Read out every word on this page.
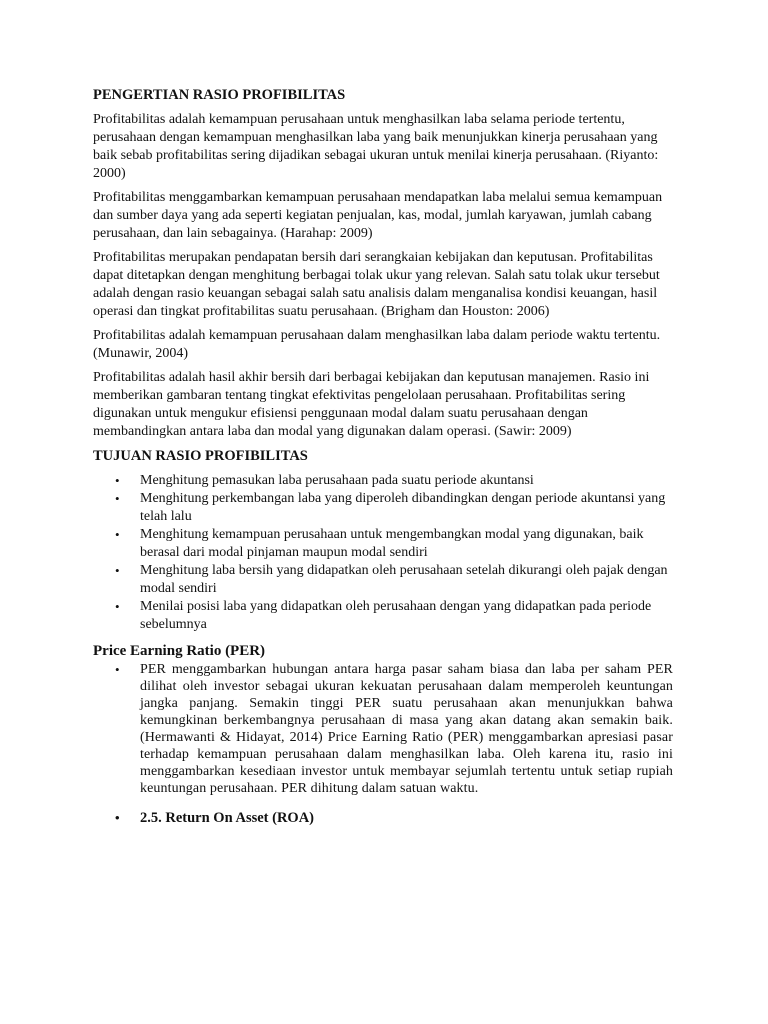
PENGERTIAN RASIO PROFIBILITAS

Profitabilitas adalah kemampuan perusahaan untuk menghasilkan laba selama periode tertentu, perusahaan dengan kemampuan menghasilkan laba yang baik menunjukkan kinerja perusahaan yang baik sebab profitabilitas sering dijadikan sebagai ukuran untuk menilai kinerja perusahaan. (Riyanto: 2000)

Profitabilitas menggambarkan kemampuan perusahaan mendapatkan laba melalui semua kemampuan dan sumber daya yang ada seperti kegiatan penjualan, kas, modal, jumlah karyawan, jumlah cabang perusahaan, dan lain sebagainya. (Harahap: 2009)

Profitabilitas merupakan pendapatan bersih dari serangkaian kebijakan dan keputusan. Profitabilitas dapat ditetapkan dengan menghitung berbagai tolak ukur yang relevan. Salah satu tolak ukur tersebut adalah dengan rasio keuangan sebagai salah satu analisis dalam menganalisa kondisi keuangan, hasil operasi dan tingkat profitabilitas suatu perusahaan. (Brigham dan Houston: 2006)

Profitabilitas adalah kemampuan perusahaan dalam menghasilkan laba dalam periode waktu tertentu. (Munawir, 2004)

Profitabilitas adalah hasil akhir bersih dari berbagai kebijakan dan keputusan manajemen. Rasio ini memberikan gambaran tentang tingkat efektivitas pengelolaan perusahaan. Profitabilitas sering digunakan untuk mengukur efisiensi penggunaan modal dalam suatu perusahaan dengan membandingkan antara laba dan modal yang digunakan dalam operasi. (Sawir: 2009)

TUJUAN RASIO PROFIBILITAS
• Menghitung pemasukan laba perusahaan pada suatu periode akuntansi
• Menghitung perkembangan laba yang diperoleh dibandingkan dengan periode akuntansi yang telah lalu
• Menghitung kemampuan perusahaan untuk mengembangkan modal yang digunakan, baik berasal dari modal pinjaman maupun modal sendiri
• Menghitung laba bersih yang didapatkan oleh perusahaan setelah dikurangi oleh pajak dengan modal sendiri
• Menilai posisi laba yang didapatkan oleh perusahaan dengan yang didapatkan pada periode sebelumnya
Price Earning Ratio (PER)
• PER menggambarkan hubungan antara harga pasar saham biasa dan laba per saham PER dilihat oleh investor sebagai ukuran kekuatan perusahaan dalam memperoleh keuntungan jangka panjang. Semakin tinggi PER suatu perusahaan akan menunjukkan bahwa kemungkinan berkembangnya perusahaan di masa yang akan datang akan semakin baik. (Hermawanti & Hidayat, 2014) Price Earning Ratio (PER) menggambarkan apresiasi pasar terhadap kemampuan perusahaan dalam menghasilkan laba. Oleh karena itu, rasio ini menggambarkan kesediaan investor untuk membayar sejumlah tertentu untuk setiap rupiah keuntungan perusahaan. PER dihitung dalam satuan waktu.
• 2.5. Return On Asset (ROA)
